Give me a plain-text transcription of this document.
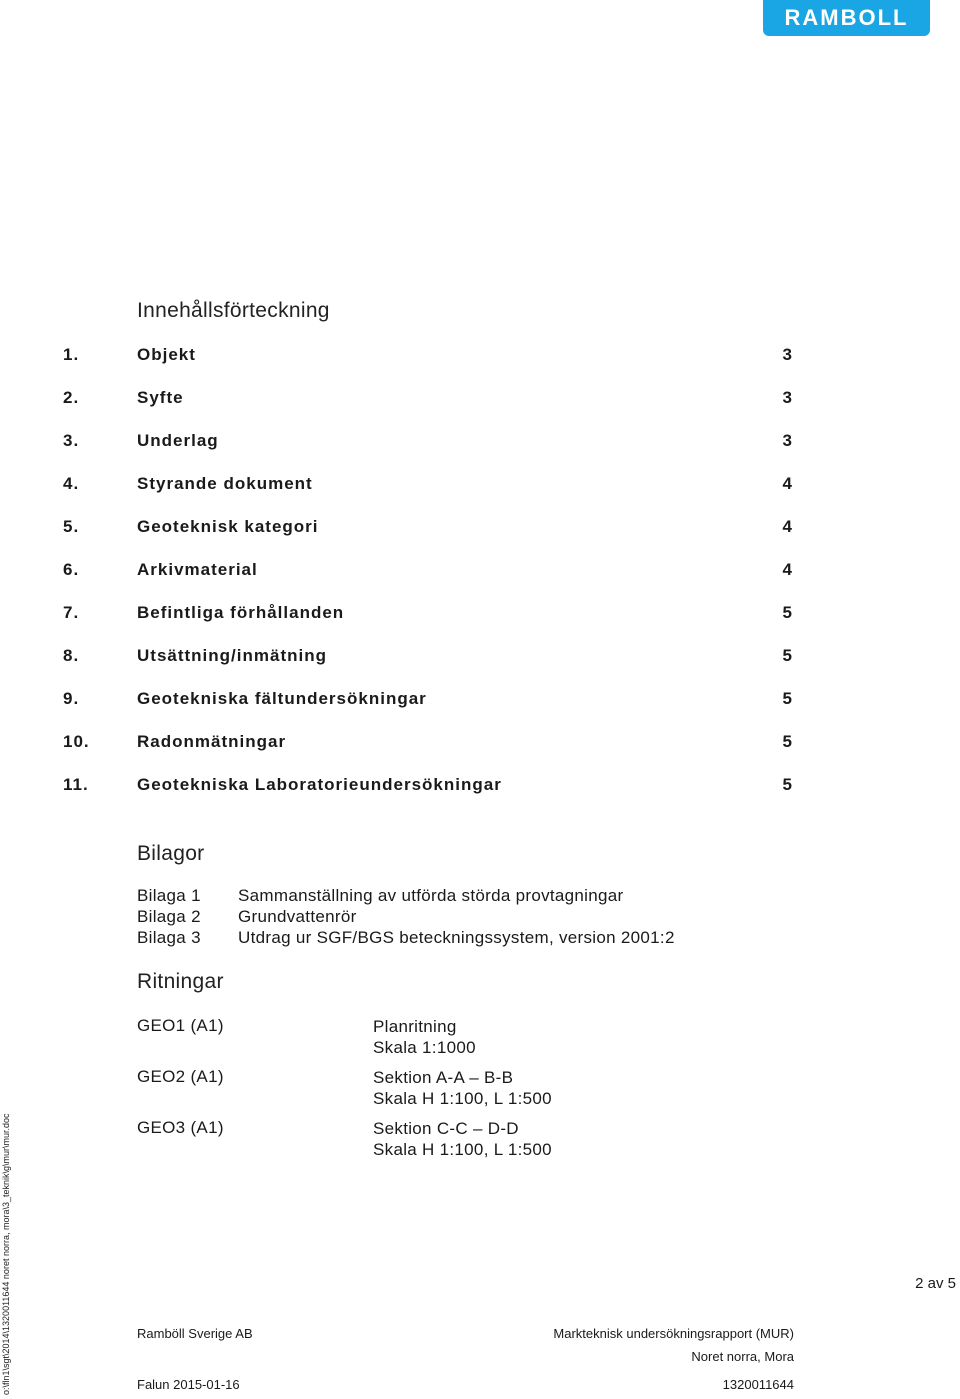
RAMBOLL
Innehållsförteckning
1.	Objekt	3
2.	Syfte	3
3.	Underlag	3
4.	Styrande dokument	4
5.	Geoteknisk kategori	4
6.	Arkivmaterial	4
7.	Befintliga förhållanden	5
8.	Utsättning/inmätning	5
9.	Geotekniska fältundersökningar	5
10.	Radonmätningar	5
11.	Geotekniska Laboratorieundersökningar	5
Bilagor
Bilaga 1 Sammanställning av utförda störda provtagningar
Bilaga 2 Grundvattenrör
Bilaga 3 Utdrag ur SGF/BGS beteckningssystem, version 2001:2
Ritningar
GEO1 (A1)	Planritning
Skala 1:1000
GEO2 (A1)	Sektion A-A – B-B
Skala H 1:100, L 1:500
GEO3 (A1)	Sektion C-C – D-D
Skala H 1:100, L 1:500
o:\fln1\sgt\2014\1320011644 noret norra, mora\3_teknik\g\mur\mur.doc	2 av 5
Ramböll Sverige AB	Markteknisk undersökningsrapport (MUR)
Noret norra, Mora
Falun 2015-01-16	1320011644
